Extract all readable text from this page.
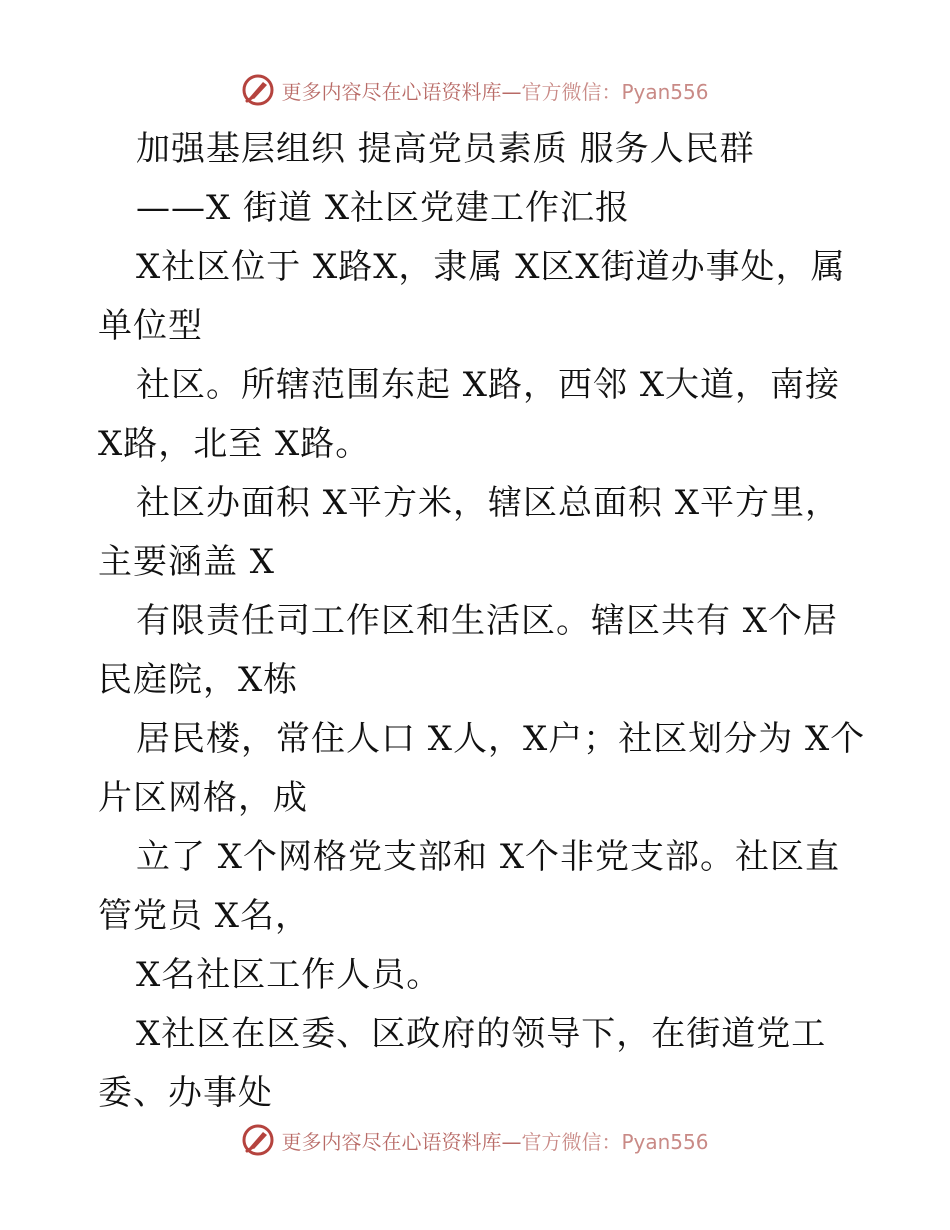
更多内容尽在心语资料库—官方微信：Pyan556
加强基层组织 提高党员素质 服务人民群
——X 街道 X社区党建工作汇报
X社区位于 X路X，隶属 X区X街道办事处，属
单位型
社区。所辖范围东起 X路，西邻 X大道，南接
X路，北至 X路。
社区办面积 X平方米，辖区总面积 X平方里，
主要涵盖 X
有限责任司工作区和生活区。辖区共有 X个居
民庭院，X栋
居民楼，常住人口 X人，X户；社区划分为 X个
片区网格，成
立了 X个网格党支部和 X个非党支部。社区直
管党员 X名，
X名社区工作人员。
X社区在区委、区政府的领导下，在街道党工
委、办事处
更多内容尽在心语资料库—官方微信：Pyan556
